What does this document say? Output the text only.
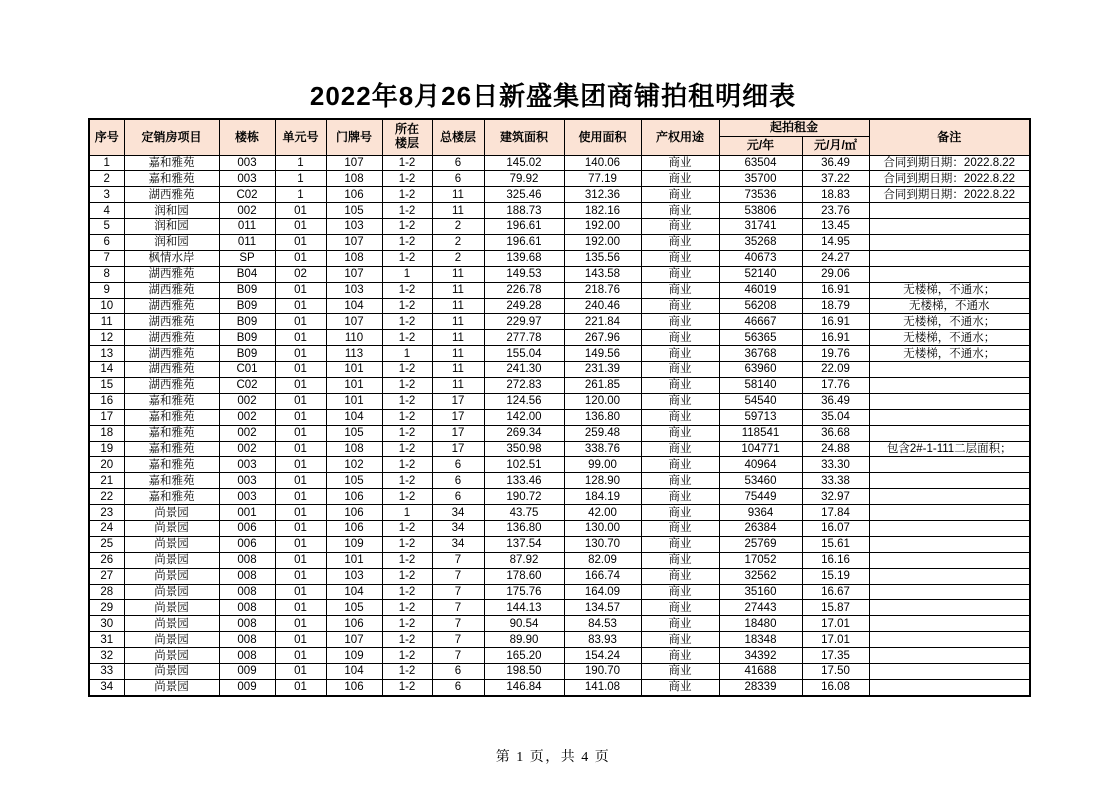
2022年8月26日新盛集团商铺拍租明细表
序号	定销房项目	楼栋	单元号	门牌号	所在楼层	总楼层	建筑面积	使用面积	产权用途	起拍租金		备注
										元/年	元/月/㎡	
1	嘉和雅苑	003	1	107	1-2	6	145.02	140.06	商业	63504	36.49	合同到期日期：2022.8.22
2	嘉和雅苑	003	1	108	1-2	6	79.92	77.19	商业	35700	37.22	合同到期日期：2022.8.22
3	湖西雅苑	C02	1	106	1-2	11	325.46	312.36	商业	73536	18.83	合同到期日期：2022.8.22
4	润和园	002	01	105	1-2	11	188.73	182.16	商业	53806	23.76	
5	润和园	011	01	103	1-2	2	196.61	192.00	商业	31741	13.45	
6	润和园	011	01	107	1-2	2	196.61	192.00	商业	35268	14.95	
7	枫情水岸	SP	01	108	1-2	2	139.68	135.56	商业	40673	24.27	
8	湖西雅苑	B04	02	107	1	11	149.53	143.58	商业	52140	29.06	
9	湖西雅苑	B09	01	103	1-2	11	226.78	218.76	商业	46019	16.91	无楼梯，不通水；
10	湖西雅苑	B09	01	104	1-2	11	249.28	240.46	商业	56208	18.79	无楼梯，不通水
11	湖西雅苑	B09	01	107	1-2	11	229.97	221.84	商业	46667	16.91	无楼梯，不通水；
12	湖西雅苑	B09	01	110	1-2	11	277.78	267.96	商业	56365	16.91	无楼梯，不通水；
13	湖西雅苑	B09	01	113	1	11	155.04	149.56	商业	36768	19.76	无楼梯，不通水；
14	湖西雅苑	C01	01	101	1-2	11	241.30	231.39	商业	63960	22.09	
15	湖西雅苑	C02	01	101	1-2	11	272.83	261.85	商业	58140	17.76	
16	嘉和雅苑	002	01	101	1-2	17	124.56	120.00	商业	54540	36.49	
17	嘉和雅苑	002	01	104	1-2	17	142.00	136.80	商业	59713	35.04	
18	嘉和雅苑	002	01	105	1-2	17	269.34	259.48	商业	118541	36.68	
19	嘉和雅苑	002	01	108	1-2	17	350.98	338.76	商业	104771	24.88	包含2#-1-111二层面积；
20	嘉和雅苑	003	01	102	1-2	6	102.51	99.00	商业	40964	33.30	
21	嘉和雅苑	003	01	105	1-2	6	133.46	128.90	商业	53460	33.38	
22	嘉和雅苑	003	01	106	1-2	6	190.72	184.19	商业	75449	32.97	
23	尚景园	001	01	106	1	34	43.75	42.00	商业	9364	17.84	
24	尚景园	006	01	106	1-2	34	136.80	130.00	商业	26384	16.07	
25	尚景园	006	01	109	1-2	34	137.54	130.70	商业	25769	15.61	
26	尚景园	008	01	101	1-2	7	87.92	82.09	商业	17052	16.16	
27	尚景园	008	01	103	1-2	7	178.60	166.74	商业	32562	15.19	
28	尚景园	008	01	104	1-2	7	175.76	164.09	商业	35160	16.67	
29	尚景园	008	01	105	1-2	7	144.13	134.57	商业	27443	15.87	
30	尚景园	008	01	106	1-2	7	90.54	84.53	商业	18480	17.01	
31	尚景园	008	01	107	1-2	7	89.90	83.93	商业	18348	17.01	
32	尚景园	008	01	109	1-2	7	165.20	154.24	商业	34392	17.35	
33	尚景园	009	01	104	1-2	6	198.50	190.70	商业	41688	17.50	
34	尚景园	009	01	106	1-2	6	146.84	141.08	商业	28339	16.08	
第 1 页，共 4 页
